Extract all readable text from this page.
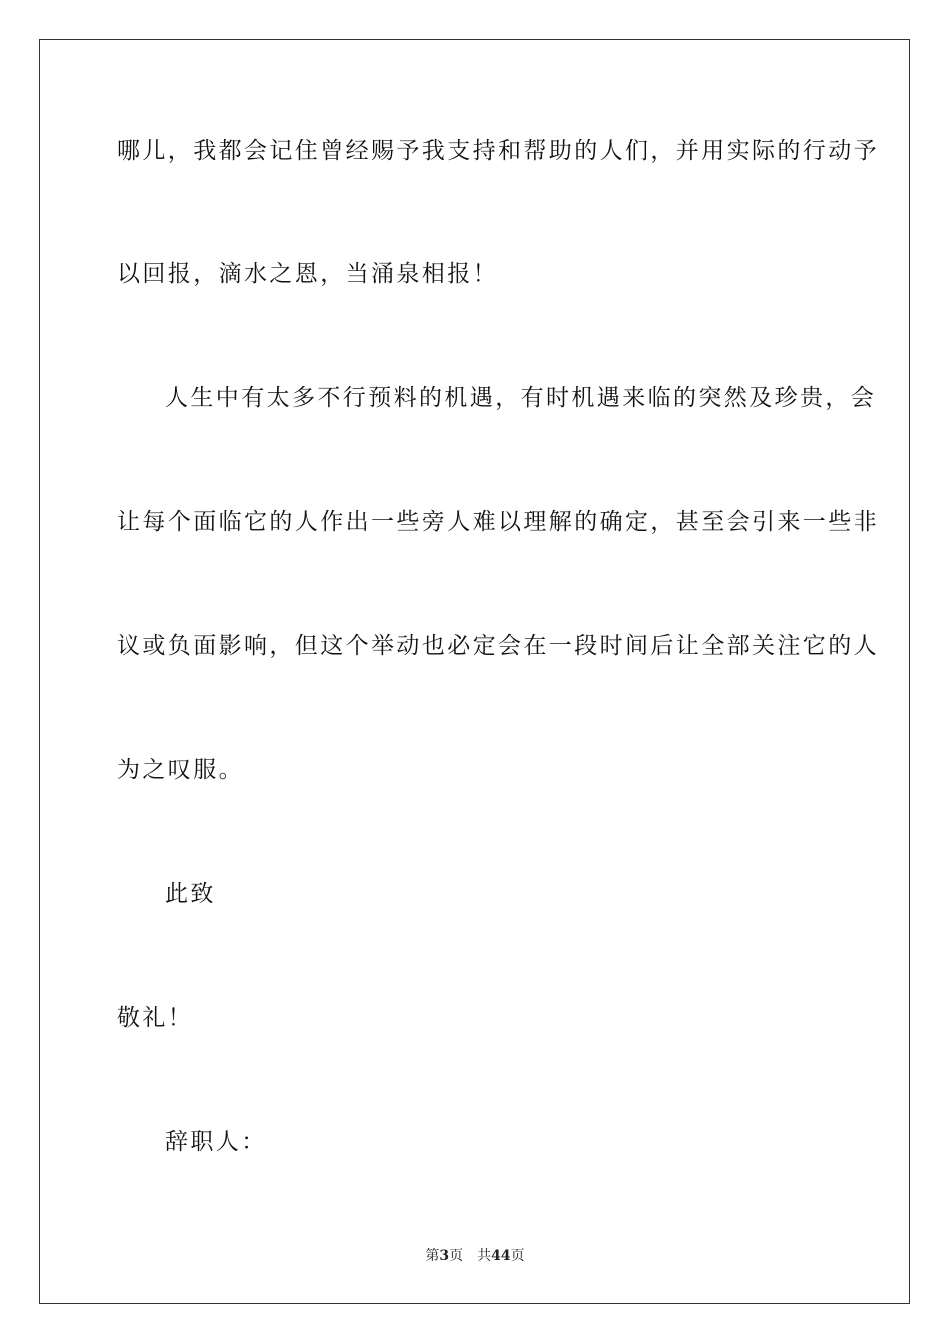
哪儿，我都会记住曾经赐予我支持和帮助的人们，并用实际的行动予
以回报，滴水之恩，当涌泉相报！
人生中有太多不行预料的机遇，有时机遇来临的突然及珍贵，会
让每个面临它的人作出一些旁人难以理解的确定，甚至会引来一些非
议或负面影响，但这个举动也必定会在一段时间后让全部关注它的人
为之叹服。
此致
敬礼！
辞职人：
第3页 共44页
